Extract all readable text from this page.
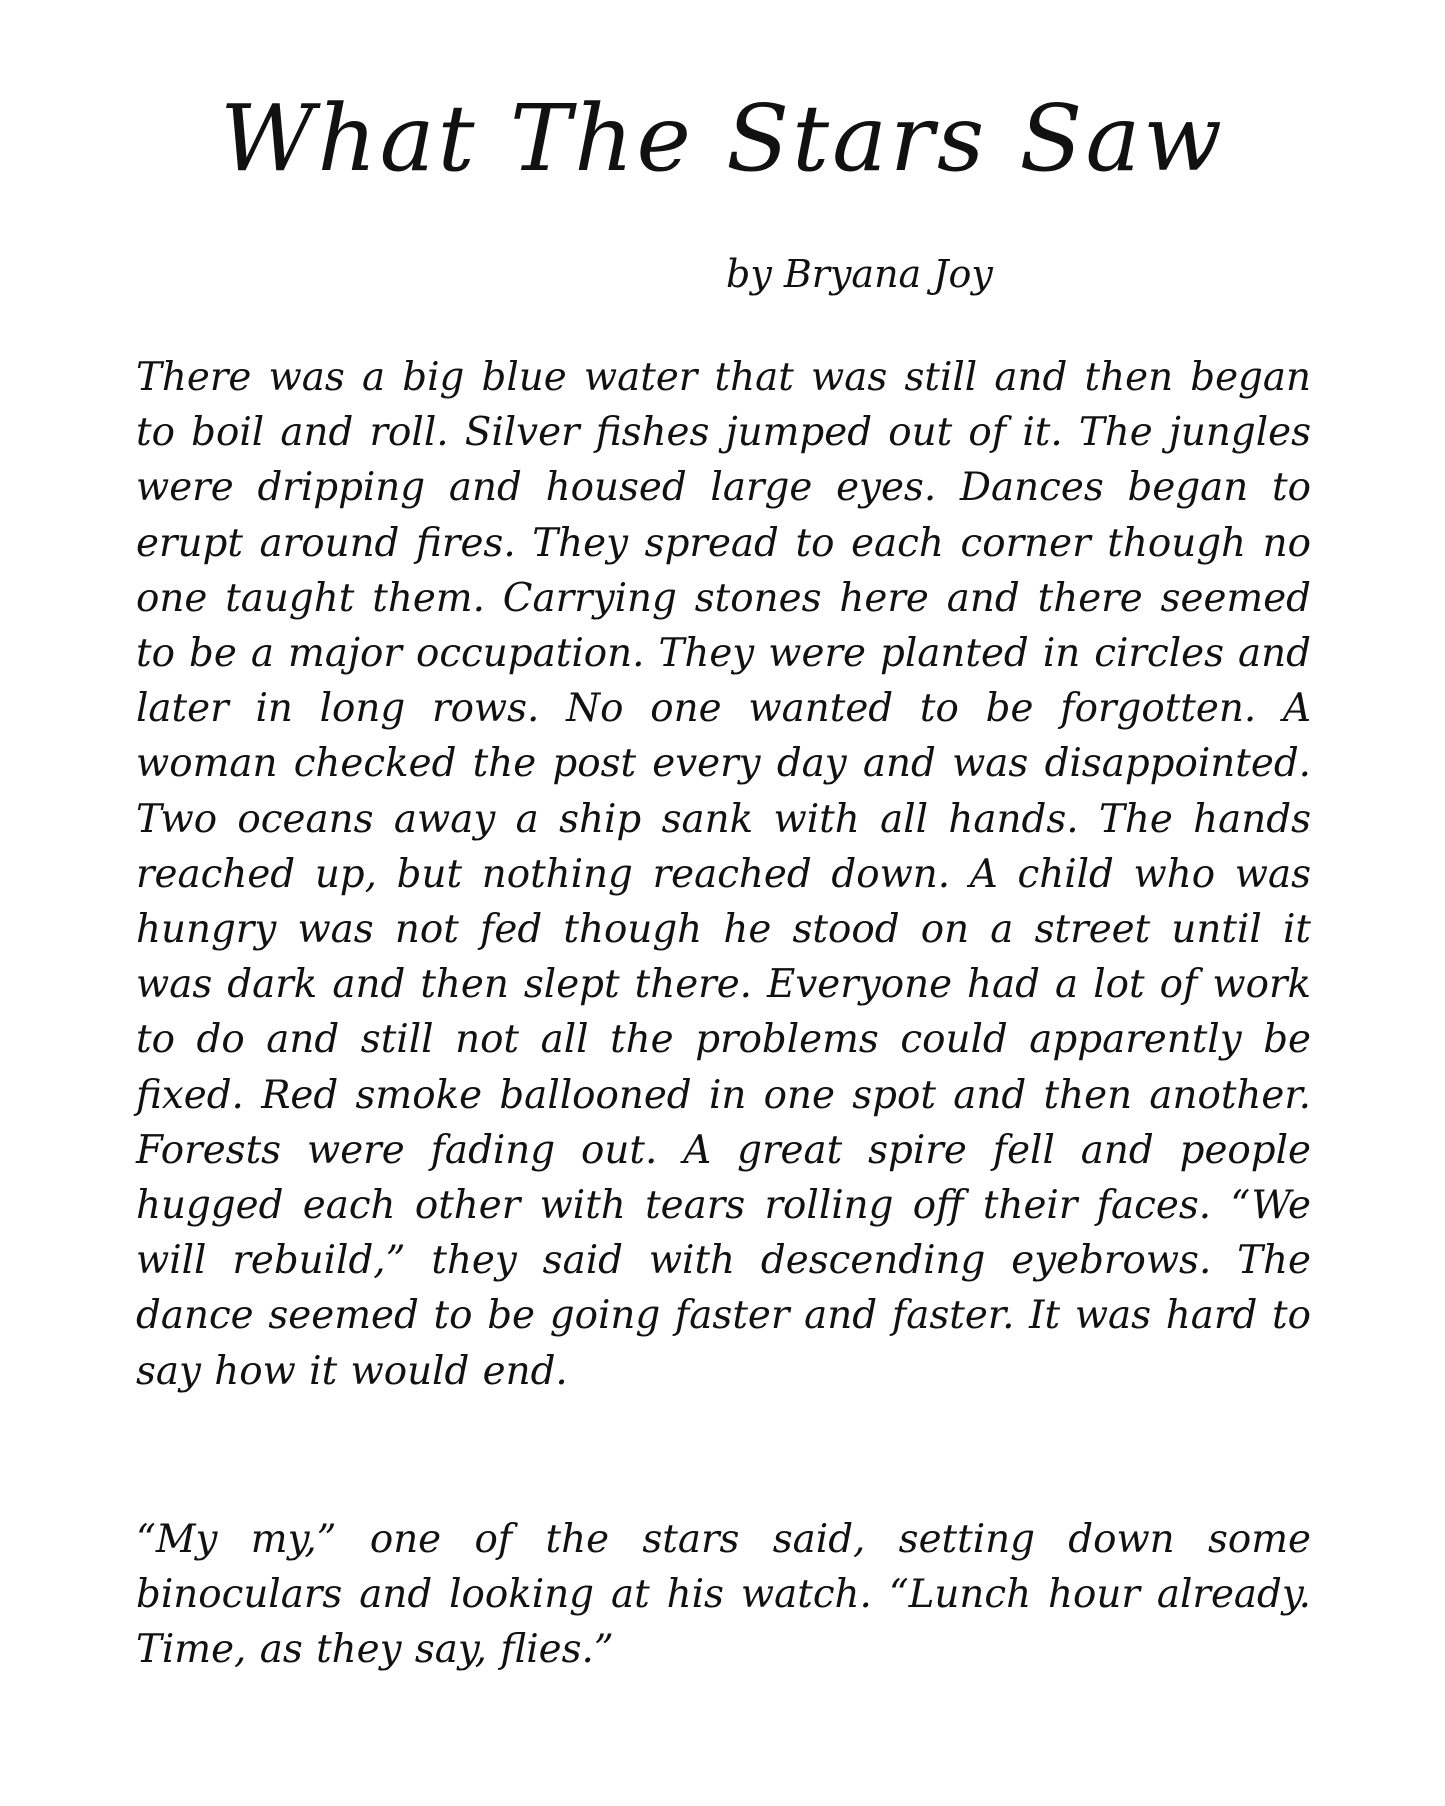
What The Stars Saw

by Bryana Joy

There was a big blue water that was still and then began to boil and roll. Silver fishes jumped out of it. The jungles were dripping and housed large eyes. Dances began to erupt around fires. They spread to each corner though no one taught them. Carrying stones here and there seemed to be a major occupation. They were planted in circles and later in long rows. No one wanted to be forgotten. A woman checked the post every day and was disappointed. Two oceans away a ship sank with all hands. The hands reached up, but nothing reached down. A child who was hungry was not fed though he stood on a street until it was dark and then slept there. Everyone had a lot of work to do and still not all the problems could apparently be fixed. Red smoke ballooned in one spot and then another. Forests were fading out. A great spire fell and people hugged each other with tears rolling off their faces. “We will rebuild,” they said with descending eyebrows. The dance seemed to be going faster and faster. It was hard to say how it would end.

“My my,” one of the stars said, setting down some binoculars and looking at his watch. “Lunch hour already. Time, as they say, flies.”
